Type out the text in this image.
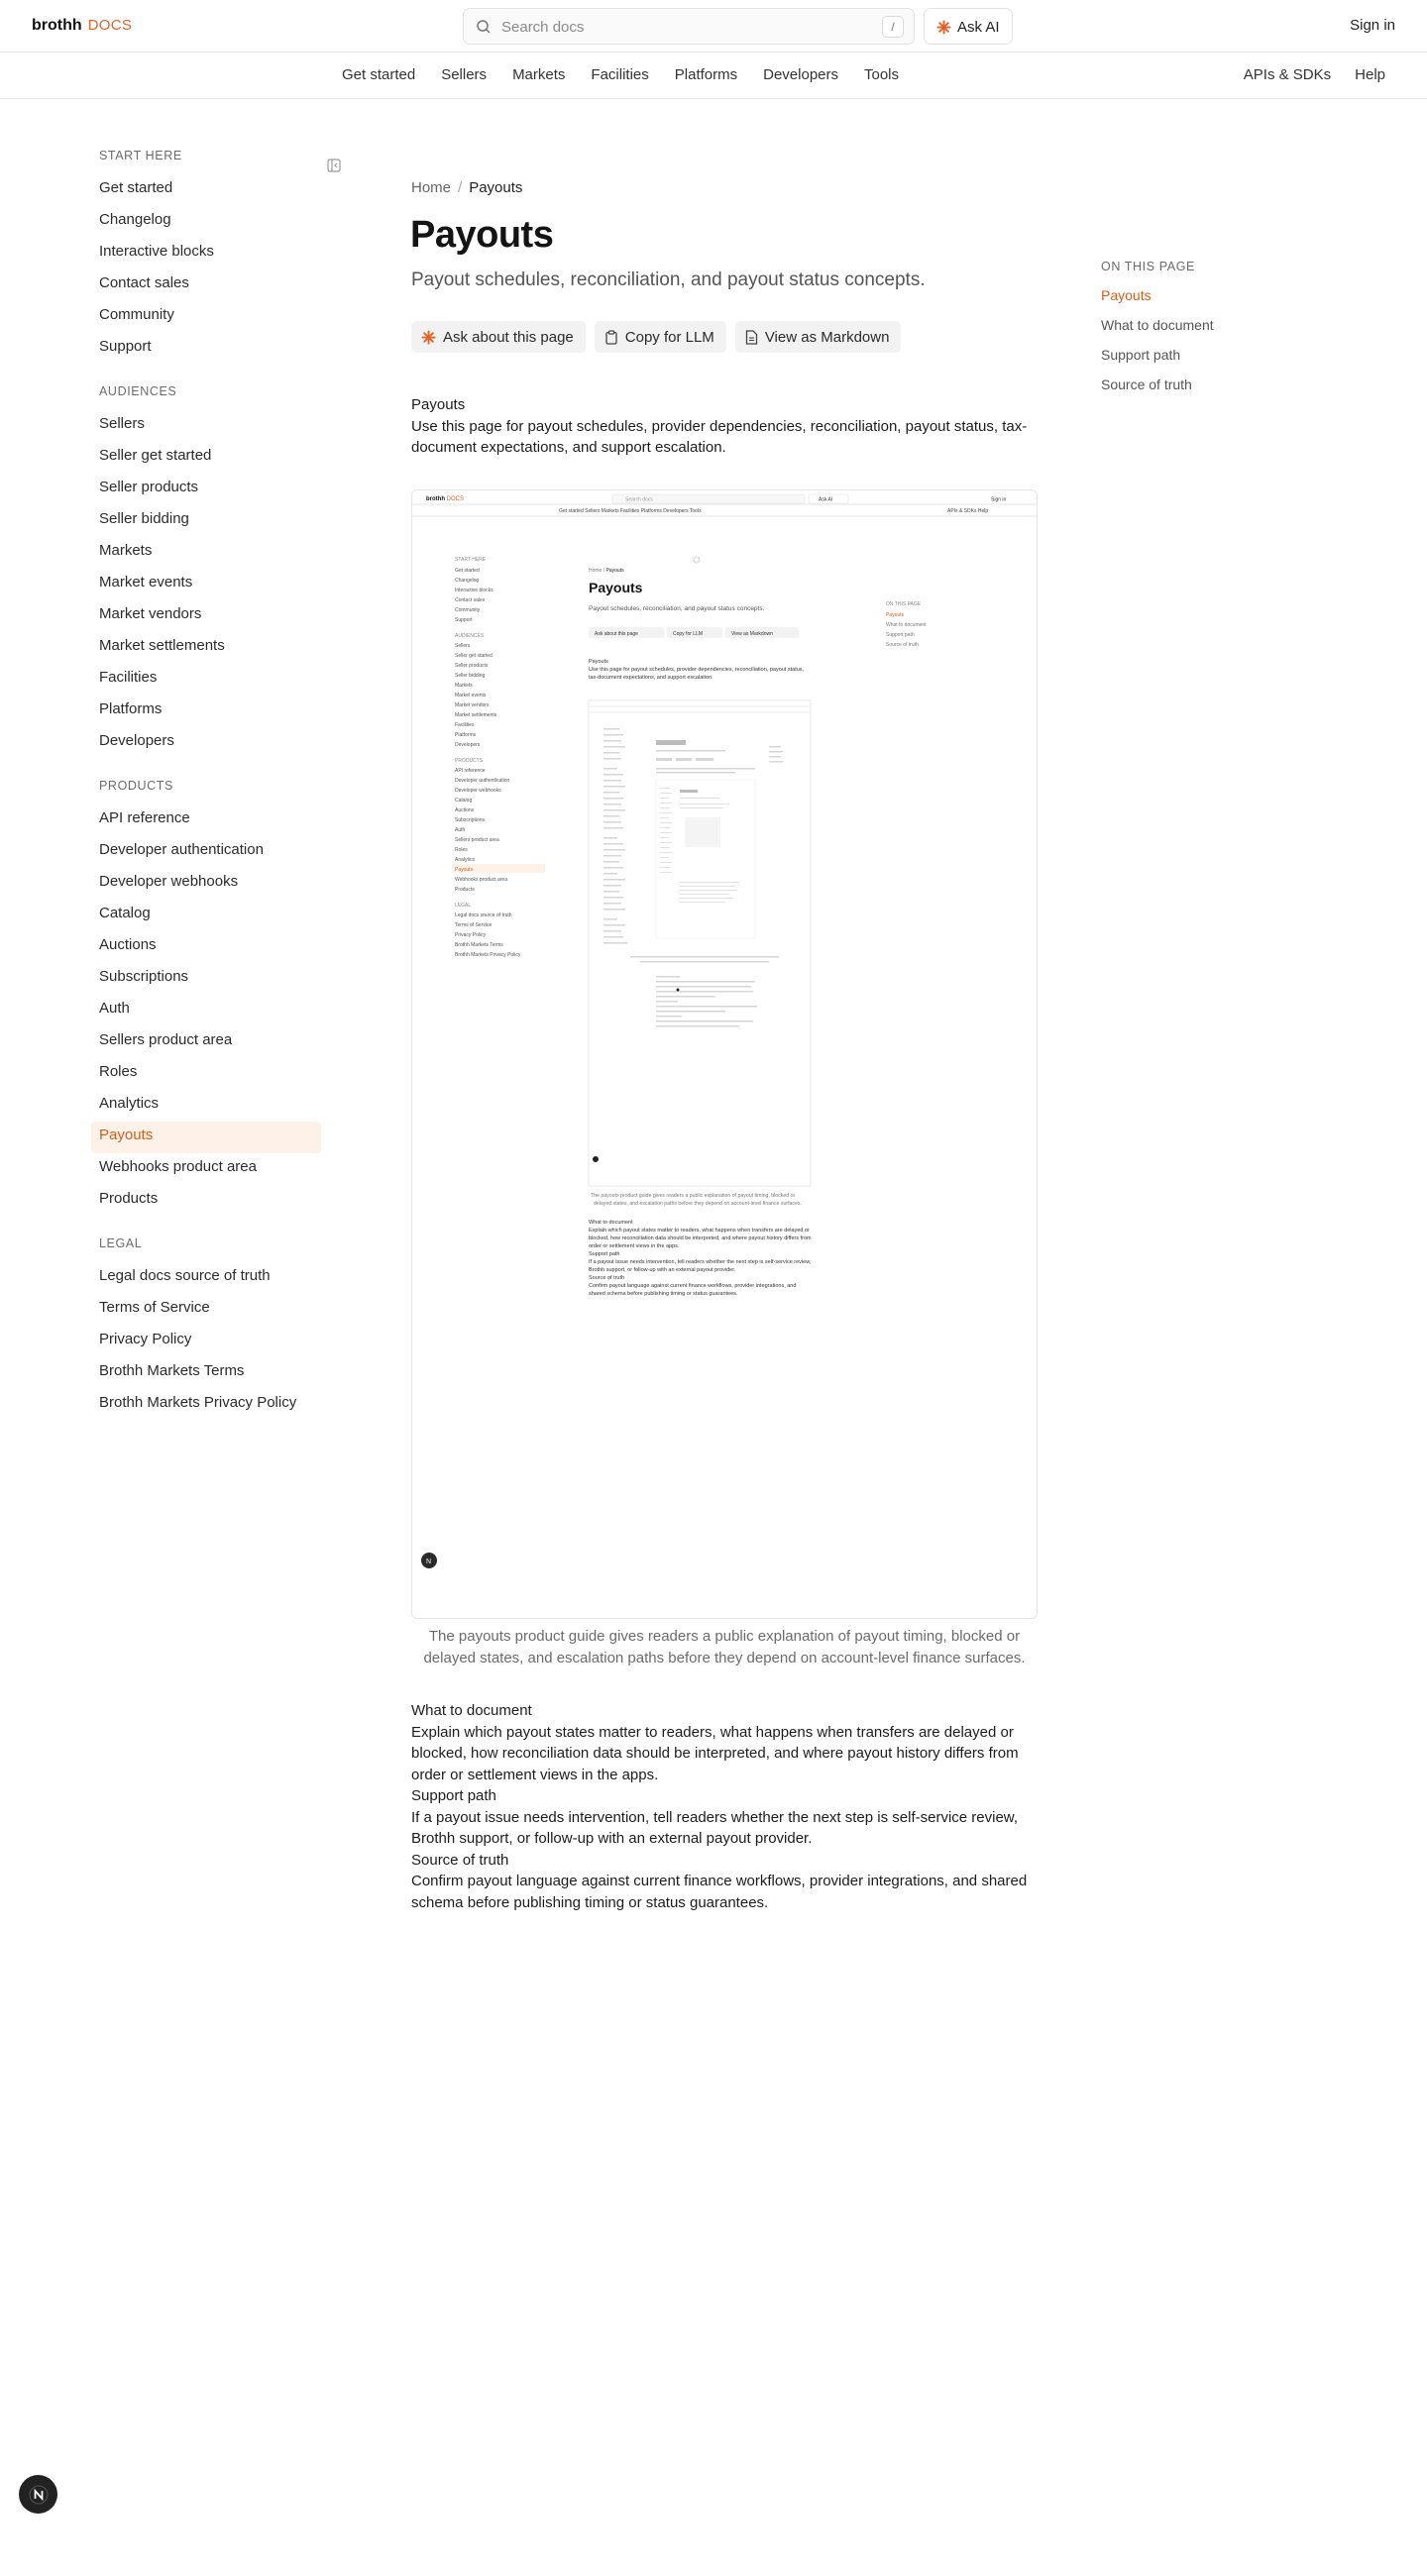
brothh DOCS	Search docs	/	Ask AI	Sign in
Get started Sellers Markets Facilities Platforms Developers Tools	APIs & SDKs Help
START HERE
Get started
Changelog
Interactive blocks
Contact sales
Community
Support
AUDIENCES
Sellers
Seller get started
Seller products
Seller bidding
Markets
Market events
Market vendors
Market settlements
Facilities
Platforms
Developers
PRODUCTS
API reference
Developer authentication
Developer webhooks
Catalog
Auctions
Subscriptions
Auth
Sellers product area
Roles
Analytics
Payouts
Webhooks product area
Products
LEGAL
Legal docs source of truth
Terms of Service
Privacy Policy
Brothh Markets Terms
Brothh Markets Privacy Policy
Home / Payouts
Payouts

Payout schedules, reconciliation, and payout status concepts.

Ask about this page	Copy for LLM	View as Markdown
Payouts
Use this page for payout schedules, provider dependencies, reconciliation, payout status, tax-document expectations, and support escalation.
brothh DOCS	Search docs	Ask AI	Sign in
Get started Sellers Markets Facilities Platforms Developers Tools	APIs & SDKs Help
START HERE
Get started
Changelog
Interactive blocks
Contact sales
Community
Support
AUDIENCES
Sellers
Seller get started
Seller products
Seller bidding
Markets
Market events
Market vendors
Market settlements
Facilities
Platforms
Developers
PRODUCTS
API reference
Developer authentication
Developer webhooks
Catalog
Auctions
Subscriptions
Auth
Sellers product area
Roles
Analytics
Payouts
Webhooks product area
Products
LEGAL
Legal docs source of truth
Terms of Service
Privacy Policy
Brothh Markets Terms
Brothh Markets Privacy Policy
Home / Payouts
Payouts
Payout schedules, reconciliation, and payout status concepts.
Ask about this page	Copy for LLM	View as Markdown
Payouts
Use this page for payout schedules, provider dependencies, reconciliation, payout status,
tax-document expectations, and support escalation.
The payouts product guide gives readers a public explanation of payout timing, blocked or
delayed states, and escalation paths before they depend on account-level finance surfaces.
What to document
Explain which payout states matter to readers, what happens when transfers are delayed or
blocked, how reconciliation data should be interpreted, and where payout history differs from
order or settlement views in the apps.
Support path
If a payout issue needs intervention, tell readers whether the next step is self-service review,
Brothh support, or follow-up with an external payout provider.
Source of truth
Confirm payout language against current finance workflows, provider integrations, and
shared schema before publishing timing or status guarantees.
ON THIS PAGE
Payouts
What to document
Support path
Source of truth
N
The payouts product guide gives readers a public explanation of payout timing, blocked or delayed states, and escalation paths before they depend on account-level finance surfaces.
What to document
Explain which payout states matter to readers, what happens when transfers are delayed or blocked, how reconciliation data should be interpreted, and where payout history differs from order or settlement views in the apps.
Support path
If a payout issue needs intervention, tell readers whether the next step is self-service review, Brothh support, or follow-up with an external payout provider.
Source of truth
Confirm payout language against current finance workflows, provider integrations, and shared schema before publishing timing or status guarantees.
ON THIS PAGE
Payouts
What to document
Support path
Source of truth
